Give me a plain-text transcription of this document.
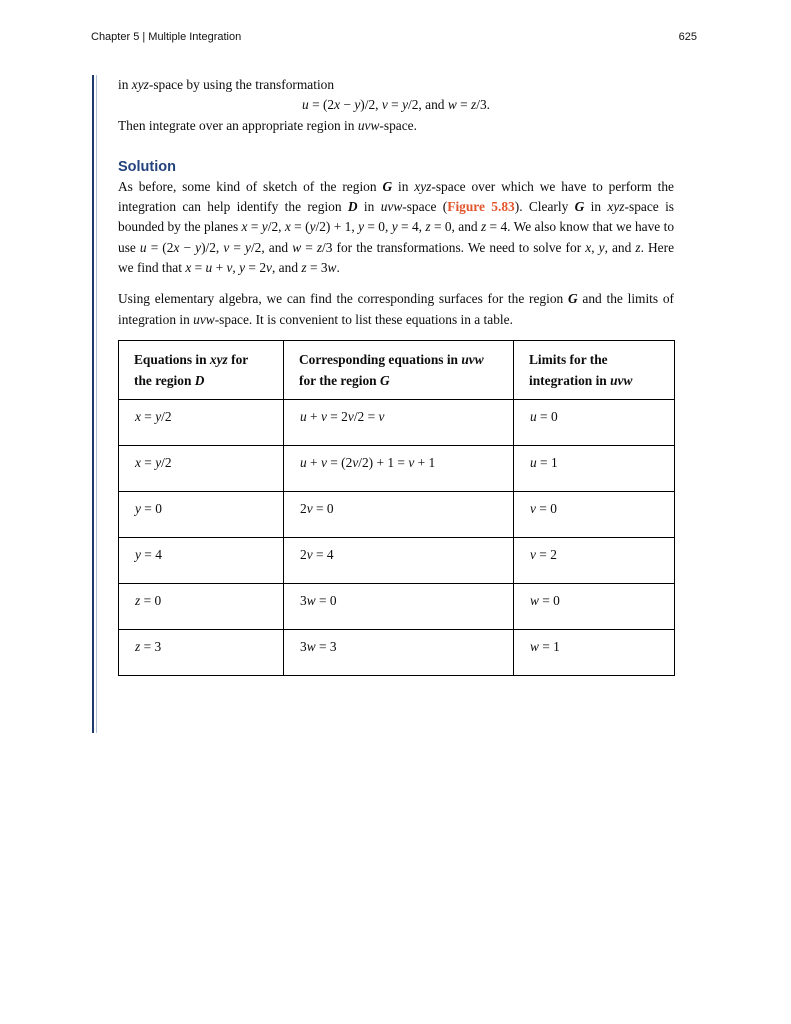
Chapter 5 | Multiple Integration	625

in xyz-space by using the transformation

u = (2x − y)/2, v = y/2, and w = z/3.

Then integrate over an appropriate region in uvw-space.

Solution

As before, some kind of sketch of the region G in xyz-space over which we have to perform the integration can help identify the region D in uvw-space (Figure 5.83). Clearly G in xyz-space is bounded by the planes x = y/2, x = (y/2) + 1, y = 0, y = 4, z = 0, and z = 4. We also know that we have to use u = (2x − y)/2, v = y/2, and w = z/3 for the transformations. We need to solve for x, y, and z. Here we find that x = u + v, y = 2v, and z = 3w.

Using elementary algebra, we can find the corresponding surfaces for the region G and the limits of integration in uvw-space. It is convenient to list these equations in a table.

Equations in xyz for the region D	Corresponding equations in uvw for the region G	Limits for the integration in uvw
x = y/2	u + v = 2v/2 = v	u = 0
x = y/2	u + v = (2v/2) + 1 = v + 1	u = 1
y = 0	2v = 0	v = 0
y = 4	2v = 4	v = 2
z = 0	3w = 0	w = 0
z = 3	3w = 3	w = 1
